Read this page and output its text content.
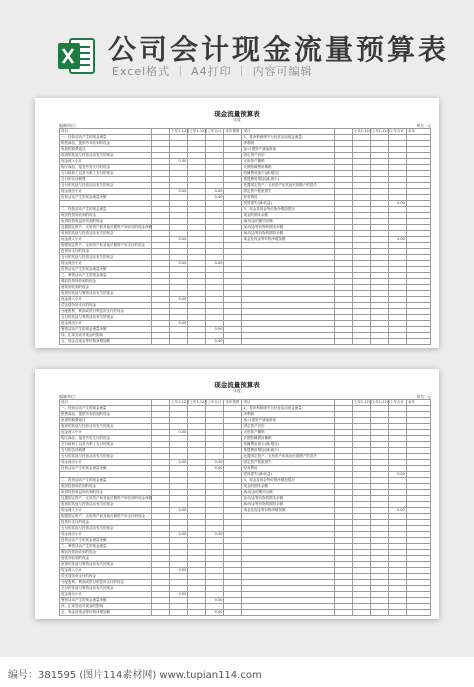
公司会计现金流量预算表
Excel格式 ｜ A4打印 ｜ 内容可编辑
现金流量预算表
年度
编制单位:	单位: 元
项目		上年1-12月	上年1-12月	上年合计	本年预算	项目		上年1-12月	上年1-12月	上年合计	本年
一、经营活动产生的现金流量						1、将净利润调节为经营活动现金流量:					
销售商品、提供劳务收到的现金						净利润					
收到的税费返还						加:计提资产减值准备					
收到的其他与经营活动有关的现金						固定资产折旧					
现金流入小计		0.00				无形资产摊销					
购买商品、接受劳务支付的现金						长期待摊费用摊销					
支付给职工以及为职工支付的现金						待摊费用减少(减:增加)					
支付的各项税费						预提费用增加(减:减少)					
支付的其他与经营活动有关的现金						处置固定资产、无形资产和其他长期资产的损失					
现金流出小计		0.00		0.00		固定资产报废损失					
经营活动产生的现金流量净额				0.00		财务费用					
						投资损失(减:收益)				0.00	
二、投资活动产生的现金流量						3、现金及现金等价物净增加情况					
收回投资所收到的现金						现金的期末余额					
取得投资收益所收到的现金						减:现金的期初余额					
处置固定资产、无形资产和其他长期资产所收回的现金净额						加:现金等价物的期末余额					
收到的其他与投资活动有关的现金						减:现金等价物的期初余额					
现金流入小计		0.00				现金及现金等价物净增加额				0.00	
购建固定资产、无形资产和其他长期资产所支付的现金											
投资所支付的现金											
支付的其他与投资活动有关的现金											
现金流出小计		0.00		0.00							
投资活动产生的现金流量净额											
三、筹资活动产生的现金流量											
吸收投资所收到的现金											
借款所收到的现金											
收到的其他与筹资活动有关的现金											
现金流入小计		0.00									
偿还债务所支付的现金											
分配股利、利润或偿付利息所支付的现金											
支付的其他与筹资活动有关的现金											
现金流出小计		0.00									
筹资活动产生的现金流量净额				0.00							
四、汇率变动对现金的影响											
五、现金及现金等价物净增加额				0.00							
现金流量预算表
年度
编制单位:	单位: 元
项目		上年1-12月	上年1-12月	上年合计	本年预算	项目		上年1-12月	上年1-12月	上年合计	本年
一、经营活动产生的现金流量						1、将净利润调节为经营活动现金流量:					
销售商品、提供劳务收到的现金						净利润					
收到的税费返还						加:计提资产减值准备					
收到的其他与经营活动有关的现金						固定资产折旧					
现金流入小计		0.00				无形资产摊销					
购买商品、接受劳务支付的现金						长期待摊费用摊销					
支付给职工以及为职工支付的现金						待摊费用减少(减:增加)					
支付的各项税费						预提费用增加(减:减少)					
支付的其他与经营活动有关的现金						处置固定资产、无形资产和其他长期资产的损失					
现金流出小计		0.00		0.00		固定资产报废损失					
经营活动产生的现金流量净额				0.00		财务费用					
						投资损失(减:收益)				0.00	
二、投资活动产生的现金流量						3、现金及现金等价物净增加情况					
收回投资所收到的现金						现金的期末余额					
取得投资收益所收到的现金						减:现金的期初余额					
处置固定资产、无形资产和其他长期资产所收回的现金净额						加:现金等价物的期末余额					
收到的其他与投资活动有关的现金						减:现金等价物的期初余额					
现金流入小计		0.00				现金及现金等价物净增加额				0.00	
购建固定资产、无形资产和其他长期资产所支付的现金											
投资所支付的现金											
支付的其他与投资活动有关的现金											
现金流出小计		0.00		0.00							
投资活动产生的现金流量净额											
三、筹资活动产生的现金流量											
吸收投资所收到的现金											
借款所收到的现金											
收到的其他与筹资活动有关的现金											
现金流入小计		0.00									
偿还债务所支付的现金											
分配股利、利润或偿付利息所支付的现金											
支付的其他与筹资活动有关的现金											
现金流出小计		0.00									
筹资活动产生的现金流量净额				0.00							
四、汇率变动对现金的影响											
五、现金及现金等价物净增加额				0.00							
编号：381595 (图片114素材网) www.tupian114.com
